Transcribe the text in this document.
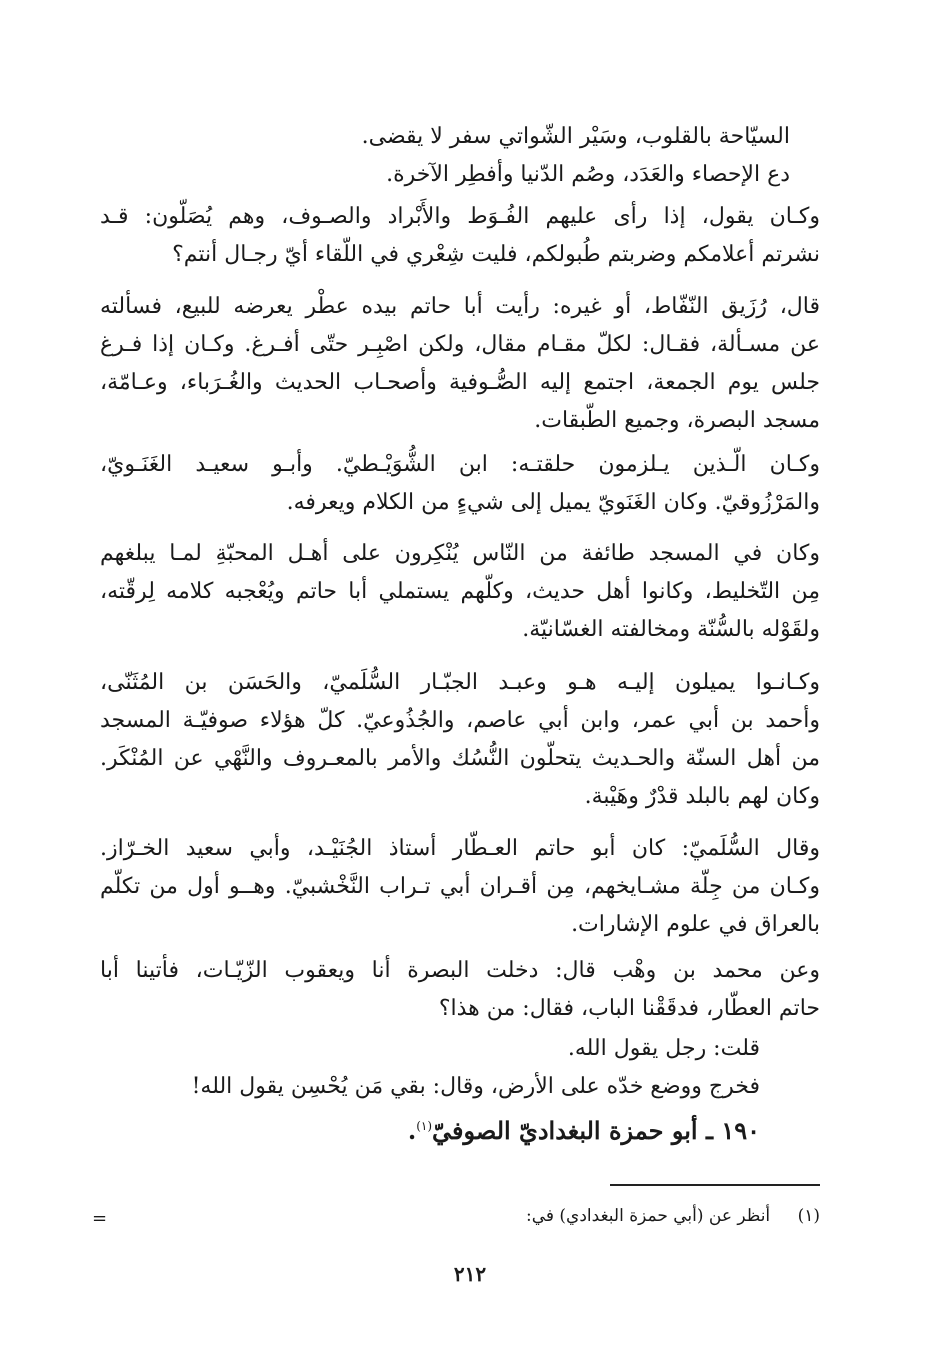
السيّاحة بالقلوب، وسَيْر الشّواتي سفر لا يقضى.
دع الإحصاء والعَدَد، وصُم الدّنيا وأفطِر الآخرة.
وكـان يقول، إذا رأى عليهم الفُـوَط والأَبْراد والصـوف، وهم يُصَلّون: قـد
نشرتم أعلامكم وضربتم طُبولكم، فليت شِعْري في اللّقاء أيّ رجـال أنتم؟
قال، رُزَيق النّفّاط، أو غيره: رأيت أبا حاتم بيده عطْر يعرضه للبيع، فسألته
عن مسـألة، فقـال: لكلّ مقـام مقال، ولكن اصْبِـر حتّى أفـرغ. وكـان إذا فـرغ
جلس يوم الجمعة، اجتمع إليه الصُّـوفية وأصحـاب الحديث والغُـرَباء، وعـامّة،
مسجد البصرة، وجميع الطّبقات.
وكـان الّـذين يـلزمون حلقتـه: ابن الشُّوَيْـطيّ. وأبـو سعيـد الغَنَـويّ،
والمَرْزُوقيّ. وكان الغَنَويّ يميل إلى شيءٍ من الكلام ويعرفه.
وكان في المسجد طائفة من النّاس يُنْكِرون على أهـل المحبّةِ لمـا يبلغهم
مِن التّخليط، وكانوا أهل حديث، وكلّهم يستملي أبا حاتم ويُعْجبه كلامه لِرقّته،
ولقَوْله بالسُّنّة ومخالفته الغسّانيّة.
وكـانـوا يميلون إليـه هـو وعبـد الجبّـار السُّلَميّ، والحَسَن بن المُثَنّى،
وأحمد بن أبي عمر، وابن أبي عاصم، والجُذُوعيّ. كلّ هؤلاء صوفيّـة المسجد
من أهل السنّة والحـديث يتحلّون النُّسُك والأمر بالمعـروف والنَّهْي عن المُنْكَر.
وكان لهم بالبلد قدْرٌ وهَيْبة.
وقال السُّلَميّ: كان أبو حاتم العـطّار أستاذ الجُنَيْـد، وأبي سعيد الخـرّاز.
وكـان من جِلّة مشـايخهم، مِن أقـران أبي تـراب النَّخْشبيّ. وهــو أول من تكلّم
بالعراق في علوم الإشارات.
وعن محمد بن وهْب قال: دخلت البصرة أنا ويعقوب الزّيّـات، فأتينا أبا
حاتم العطّار، فدقَقْنا الباب، فقال: من هذا؟
قلت: رجل يقول الله.
فخرج ووضع خدّه على الأرض، وقال: بقي مَن يُحْسِن يقول الله!
١٩٠ ـ أبو حمزة البغداديّ الصوفيّ$^{(١)}$.
(١) أنظر عن (أبي حمزة البغدادي) في:
=
٢١٢
